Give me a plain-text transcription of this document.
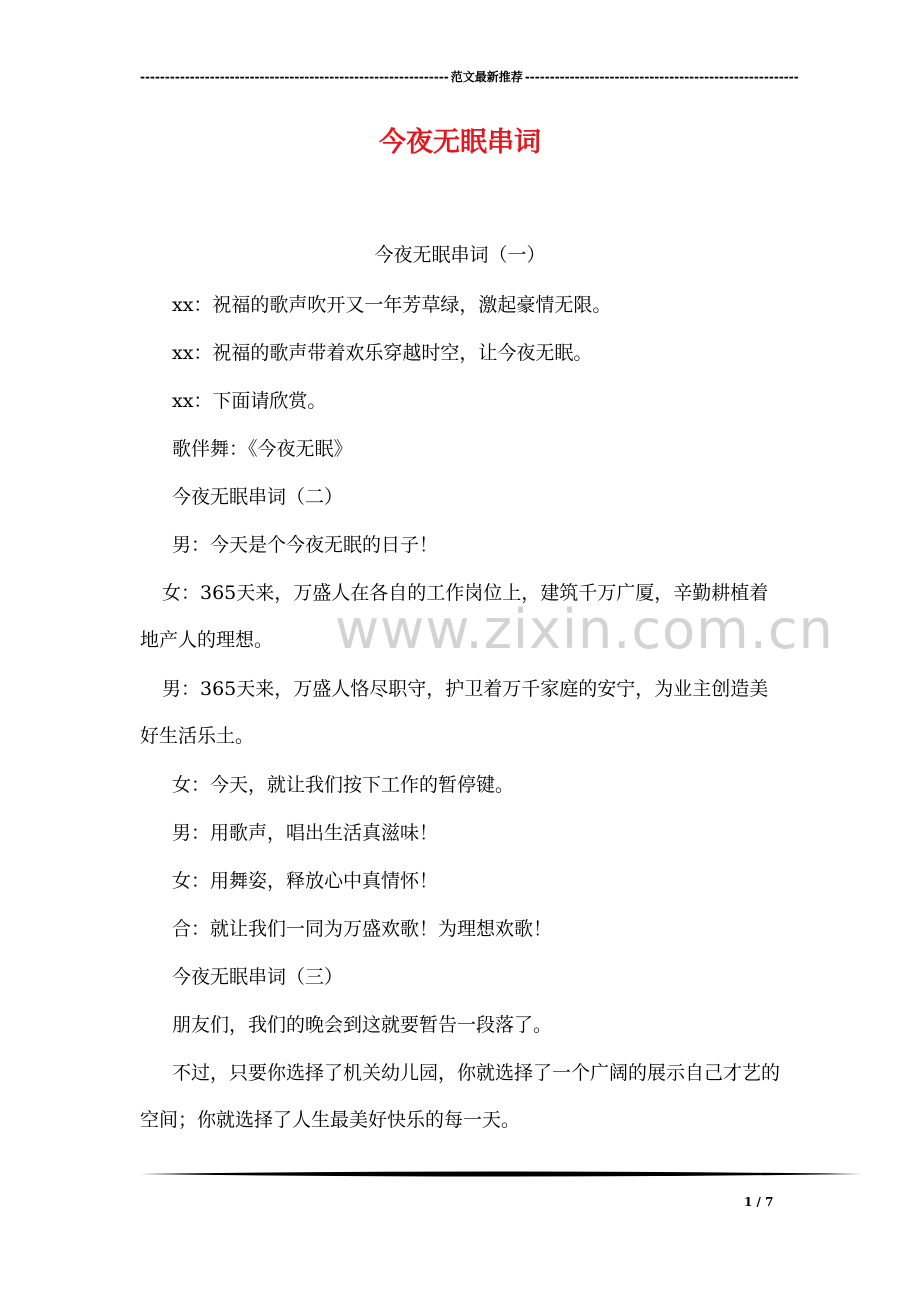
-------------------------------------------------------------- 范文最新推荐 -------------------------------------------------------
今夜无眠串词
今夜无眠串词（一）
xx：祝福的歌声吹开又一年芳草绿，激起豪情无限。
xx：祝福的歌声带着欢乐穿越时空，让今夜无眠。
xx：下面请欣赏。
歌伴舞：《今夜无眠》
今夜无眠串词（二）
男：今天是个今夜无眠的日子！
女：365天来，万盛人在各自的工作岗位上，建筑千万广厦，辛勤耕植着地产人的理想。
男：365天来，万盛人恪尽职守，护卫着万千家庭的安宁，为业主创造美好生活乐土。
女：今天，就让我们按下工作的暂停键。
男：用歌声，唱出生活真滋味！
女：用舞姿，释放心中真情怀！
合：就让我们一同为万盛欢歌！为理想欢歌！
今夜无眠串词（三）
朋友们，我们的晚会到这就要暂告一段落了。
不过，只要你选择了机关幼儿园，你就选择了一个广阔的展示自己才艺的空间；你就选择了人生最美好快乐的每一天。
www.zixin.com.cn
1 / 7
